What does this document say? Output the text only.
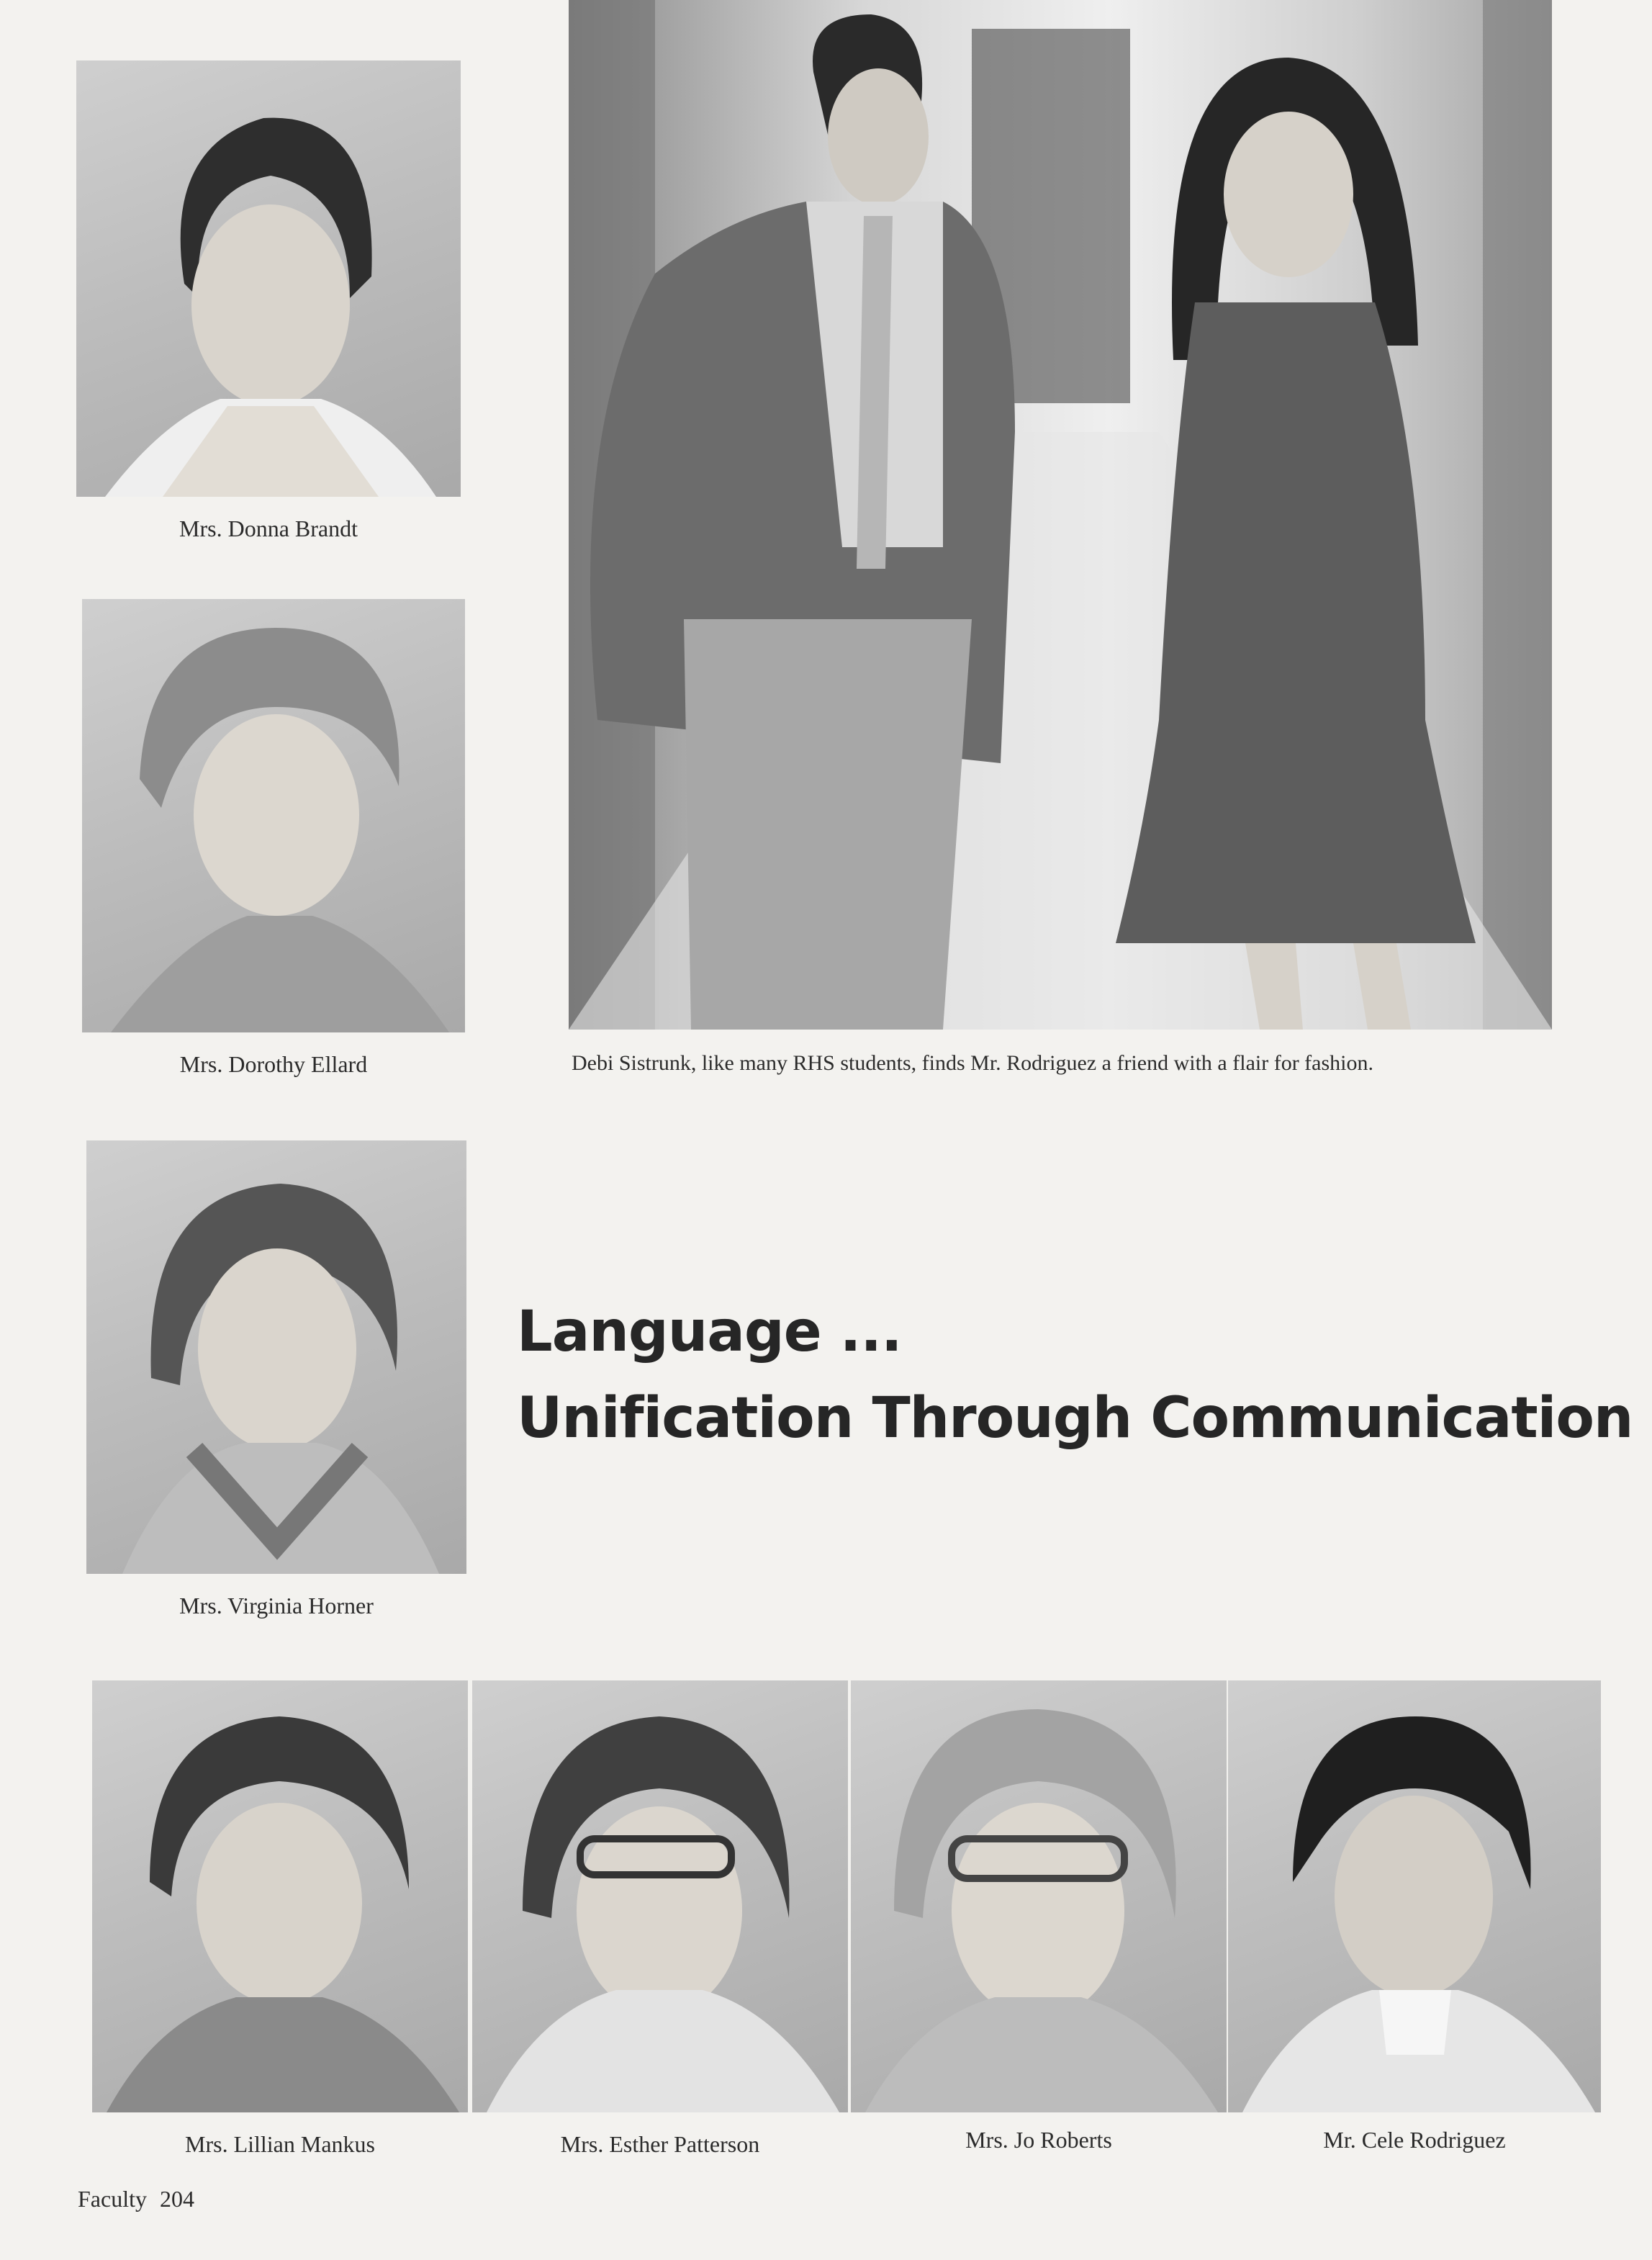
Mrs. Donna Brandt
Mrs. Dorothy Ellard
Mrs. Virginia Horner
Debi Sistrunk, like many RHS students, finds Mr. Rodriguez a friend with a flair for fashion.
Language ...
Unification Through Communication
Mrs. Lillian Mankus	Mrs. Esther Patterson	Mrs. Jo Roberts	Mr. Cele Rodriguez
Faculty 204
